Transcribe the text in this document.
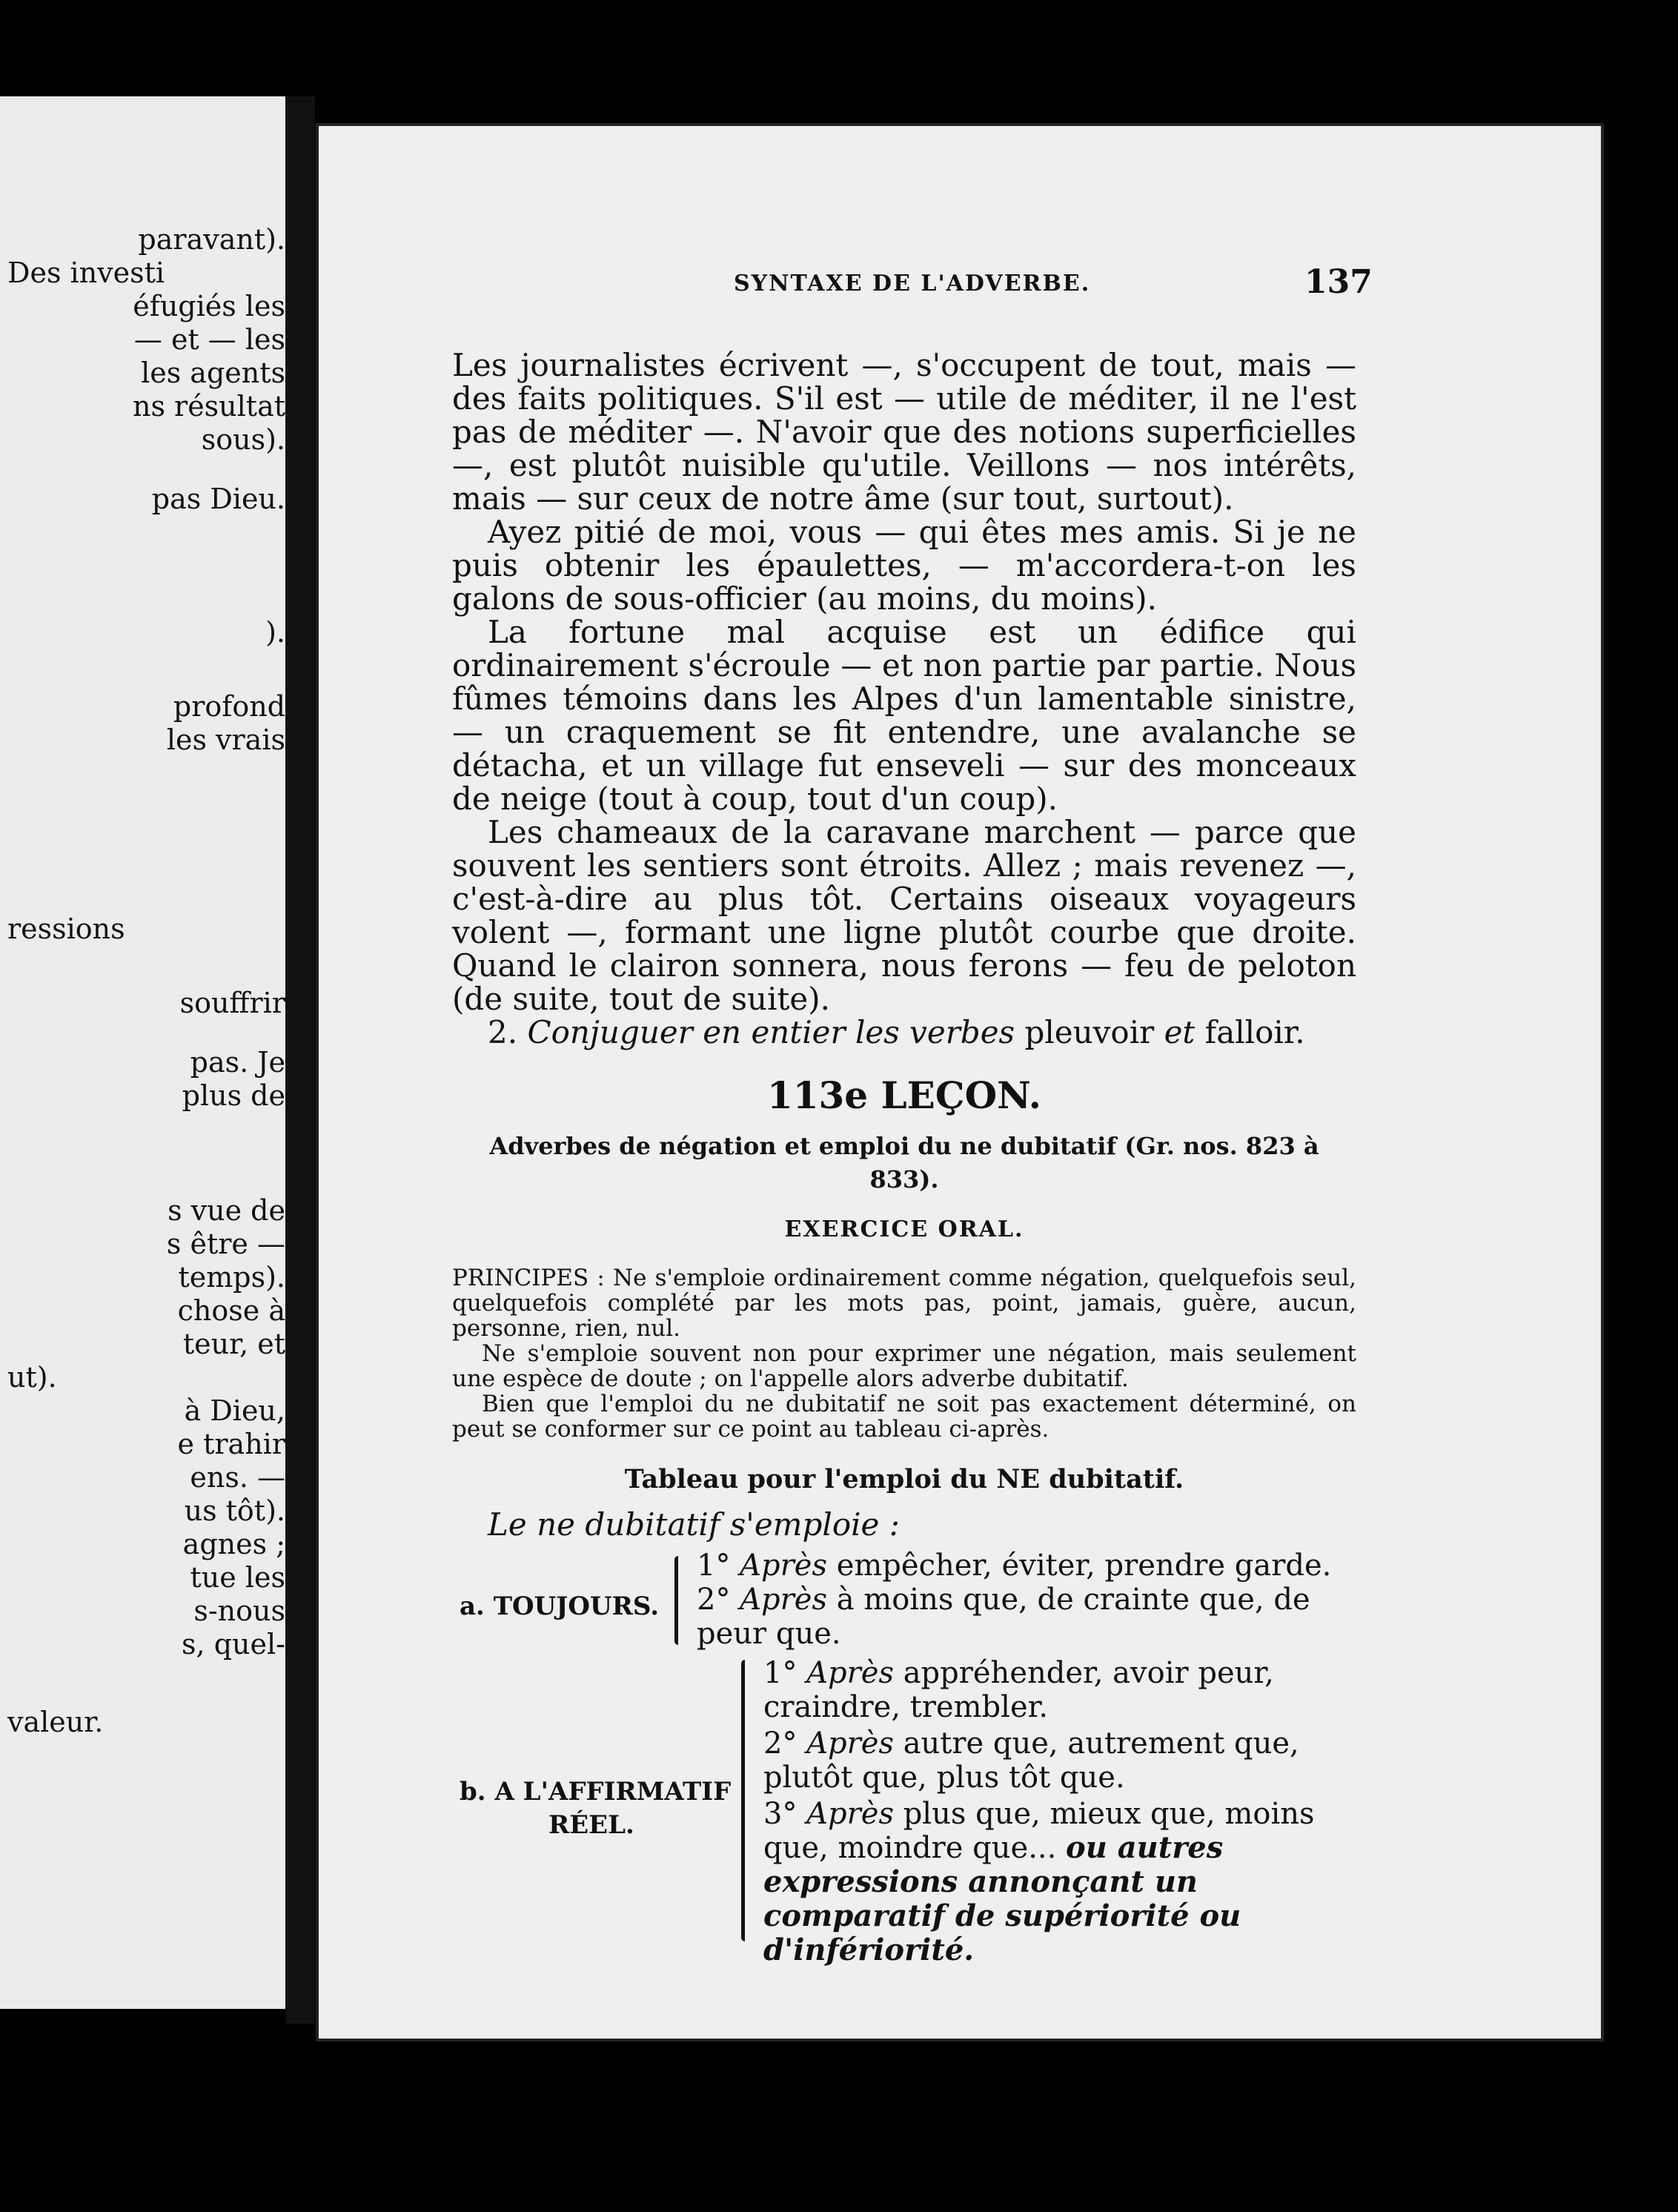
paravant).
Des investi
éfugiés les
— et — les
les agents
ns résultat
sous).
pas Dieu.
).
profond
les vrais
ressions
souffrir
pas. Je
plus de
s vue de
s être —
temps).
chose à
teur, et
ut).
à Dieu,
e trahir
ens. —
us tôt).
agnes ;
tue les
s-nous
s, quel-
valeur.
SYNTAXE DE L'ADVERBE.	137

Les journalistes écrivent —, s'occupent de tout, mais — des faits politiques. S'il est — utile de méditer, il ne l'est pas de méditer —. N'avoir que des notions superficielles —, est plutôt nuisible qu'utile. Veillons — nos intérêts, mais — sur ceux de notre âme (sur tout, surtout).

Ayez pitié de moi, vous — qui êtes mes amis. Si je ne puis obtenir les épaulettes, — m'accordera-t-on les galons de sous-officier (au moins, du moins).

La fortune mal acquise est un édifice qui ordinairement s'écroule — et non partie par partie. Nous fûmes témoins dans les Alpes d'un lamentable sinistre, — un craquement se fit entendre, une avalanche se détacha, et un village fut enseveli — sur des monceaux de neige (tout à coup, tout d'un coup).

Les chameaux de la caravane marchent — parce que souvent les sentiers sont étroits. Allez ; mais revenez —, c'est-à-dire au plus tôt. Certains oiseaux voyageurs volent —, formant une ligne plutôt courbe que droite. Quand le clairon sonnera, nous ferons — feu de peloton (de suite, tout de suite).

2. Conjuguer en entier les verbes pleuvoir et falloir.

113e LEÇON.
Adverbes de négation et emploi du ne dubitatif (Gr. nos. 823 à 833).
EXERCICE ORAL.

PRINCIPES : Ne s'emploie ordinairement comme négation, quelquefois seul, quelquefois complété par les mots pas, point, jamais, guère, aucun, personne, rien, nul.

Ne s'emploie souvent non pour exprimer une négation, mais seulement une espèce de doute ; on l'appelle alors adverbe dubitatif.

Bien que l'emploi du ne dubitatif ne soit pas exactement déterminé, on peut se conformer sur ce point au tableau ci-après.

Tableau pour l'emploi du NE dubitatif.
Le ne dubitatif s'emploie :
a. TOUJOURS.
1° Après empêcher, éviter, prendre garde.
2° Après à moins que, de crainte que, de peur que.
b. A L'AFFIRMATIF
RÉEL.
1° Après appréhender, avoir peur, craindre, trembler.
2° Après autre que, autrement que, plutôt que, plus tôt que.
3° Après plus que, mieux que, moins que, moindre que... ou autres expressions annonçant un comparatif de supériorité ou d'infériorité.
